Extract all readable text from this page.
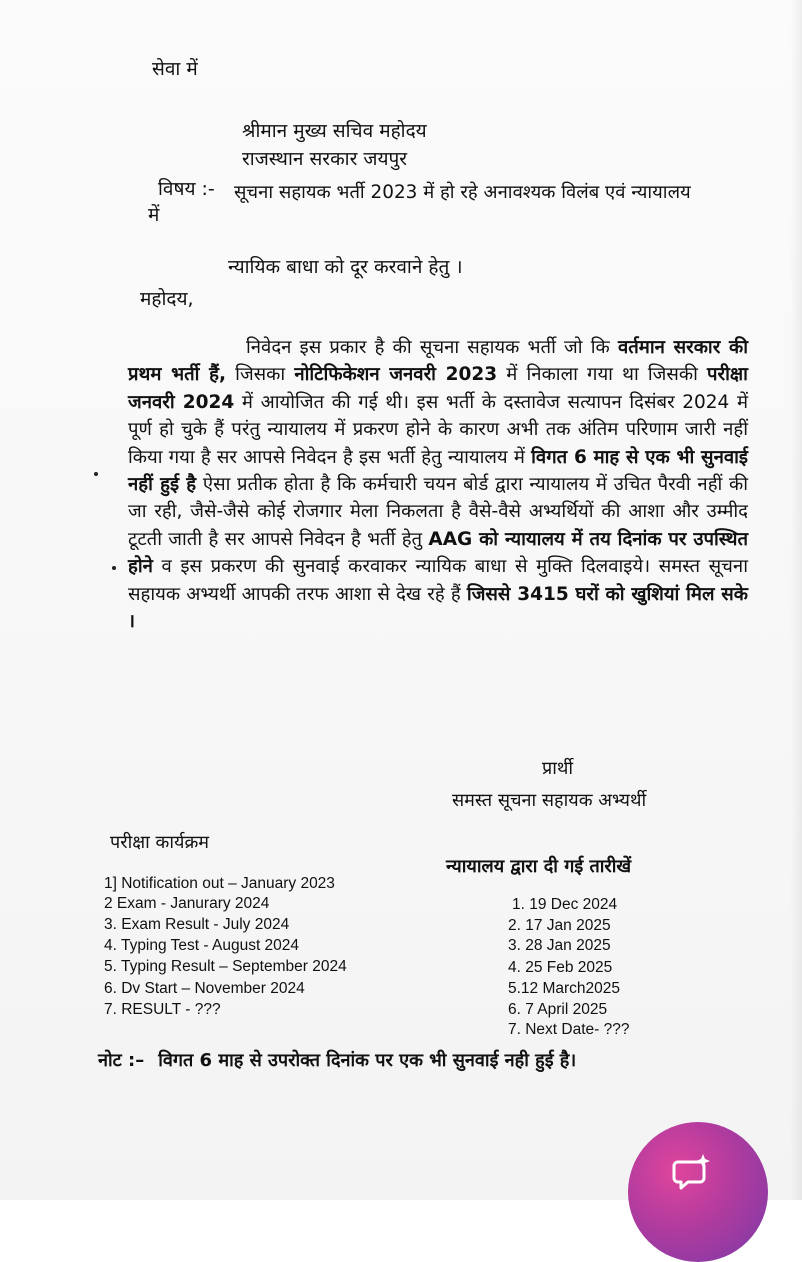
सेवा में
श्रीमान मुख्य सचिव महोदय
राजस्थान सरकार जयपुर
विषय :- सूचना सहायक भर्ती 2023 में हो रहे अनावश्यक विलंब एवं न्यायालय
में
न्यायिक बाधा को दूर करवाने हेतु ।
महोदय,
निवेदन इस प्रकार है की सूचना सहायक भर्ती जो कि वर्तमान सरकार की प्रथम भर्ती हैं, जिसका नोटिफिकेशन जनवरी 2023 में निकाला गया था जिसकी परीक्षा जनवरी 2024 में आयोजित की गई थी। इस भर्ती के दस्तावेज सत्यापन दिसंबर 2024 में पूर्ण हो चुके हैं परंतु न्यायालय में प्रकरण होने के कारण अभी तक अंतिम परिणाम जारी नहीं किया गया है सर आपसे निवेदन है इस भर्ती हेतु न्यायालय में विगत 6 माह से एक भी सुनवाई नहीं हुई है ऐसा प्रतीक होता है कि कर्मचारी चयन बोर्ड द्वारा न्यायालय में उचित पैरवी नहीं की जा रही, जैसे-जैसे कोई रोजगार मेला निकलता है वैसे-वैसे अभ्यर्थियों की आशा और उम्मीद टूटती जाती है सर आपसे निवेदन है भर्ती हेतु AAG को न्यायालय में तय दिनांक पर उपस्थित होने व इस प्रकरण की सुनवाई करवाकर न्यायिक बाधा से मुक्ति दिलवाइये। समस्त सूचना सहायक अभ्यर्थी आपकी तरफ आशा से देख रहे हैं जिससे 3415 घरों को खुशियां मिल सके ।
प्रार्थी
समस्त सूचना सहायक अभ्यर्थी
परीक्षा कार्यक्रम
1] Notification out – January 2023
2 Exam - Janurary 2024
3. Exam Result - July 2024
4. Typing Test - August 2024
5. Typing Result – September 2024
6. Dv Start – November 2024
7. RESULT - ???
न्यायालय द्वारा दी गई तारीखें
1. 19 Dec 2024
2. 17 Jan 2025
3. 28 Jan 2025
4. 25 Feb 2025
5.12 March2025
6. 7 April 2025
7. Next Date- ???
नोट :– विगत 6 माह से उपरोक्त दिनांक पर एक भी सुनवाई नही हुई है।
